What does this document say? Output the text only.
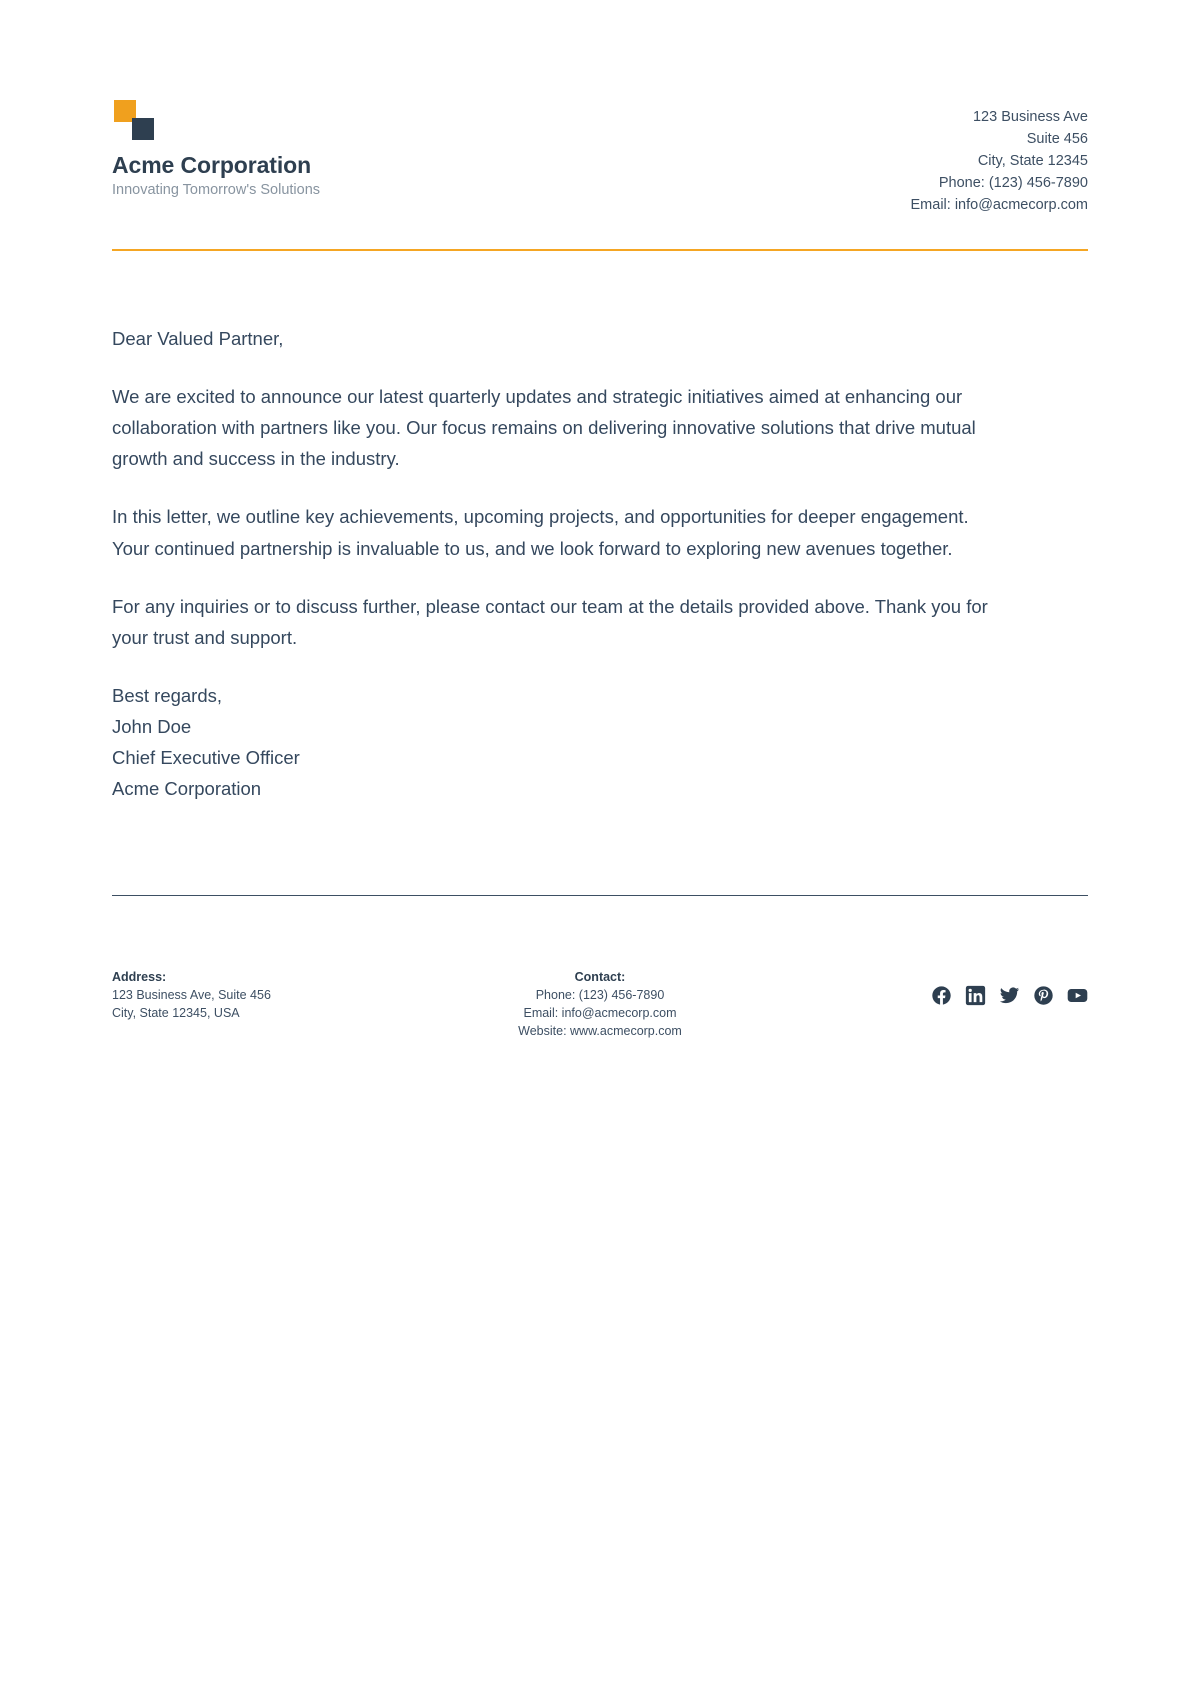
Acme Corporation
Innovating Tomorrow's Solutions
123 Business Ave
Suite 456
City, State 12345
Phone: (123) 456-7890
Email: info@acmecorp.com

Dear Valued Partner,

We are excited to announce our latest quarterly updates and strategic initiatives aimed at enhancing our collaboration with partners like you. Our focus remains on delivering innovative solutions that drive mutual growth and success in the industry.

In this letter, we outline key achievements, upcoming projects, and opportunities for deeper engagement. Your continued partnership is invaluable to us, and we look forward to exploring new avenues together.

For any inquiries or to discuss further, please contact our team at the details provided above. Thank you for your trust and support.

Best regards,
John Doe
Chief Executive Officer
Acme Corporation
Address:
123 Business Ave, Suite 456
City, State 12345, USA
Contact:
Phone: (123) 456-7890
Email: info@acmecorp.com
Website: www.acmecorp.com
